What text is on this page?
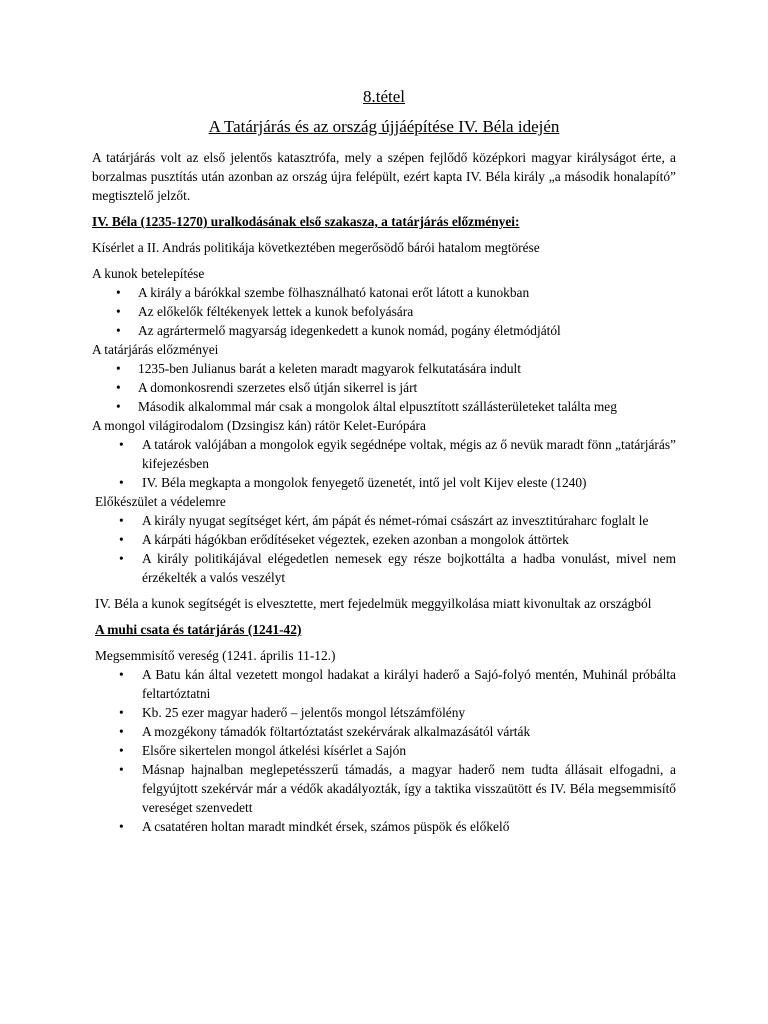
8.tétel
A Tatárjárás és az ország újjáépítése IV. Béla idején

A tatárjárás volt az első jelentős katasztrófa, mely a szépen fejlődő középkori magyar királyságot érte, a borzalmas pusztítás után azonban az ország újra felépült, ezért kapta IV. Béla király „a második honalapító” megtisztelő jelzőt.

IV. Béla (1235-1270) uralkodásának első szakasza, a tatárjárás előzményei:

Kísérlet a II. András politikája következtében megerősödő bárói hatalom megtörése

A kunok betelepítése

• A király a bárókkal szembe fölhasználható katonai erőt látott a kunokban
• Az előkelők féltékenyek lettek a kunok befolyására
• Az agrártermelő magyarság idegenkedett a kunok nomád, pogány életmódjától

A tatárjárás előzményei

• 1235-ben Julianus barát a keleten maradt magyarok felkutatására indult
• A domonkosrendi szerzetes első útján sikerrel is járt
• Második alkalommal már csak a mongolok által elpusztított szállásterületeket találta meg

A mongol világirodalom (Dzsingisz kán) rátör Kelet-Európára

• A tatárok valójában a mongolok egyik segédnépe voltak, mégis az ő nevük maradt fönn „tatárjárás” kifejezésben
• IV. Béla megkapta a mongolok fenyegető üzenetét, intő jel volt Kijev eleste (1240)

Előkészület a védelemre

• A király nyugat segítséget kért, ám pápát és német-római császárt az invesztitúraharc foglalt le
• A kárpáti hágókban erődítéseket végeztek, ezeken azonban a mongolok áttörtek
• A király politikájával elégedetlen nemesek egy része bojkottálta a hadba vonulást, mivel nem érzékelték a valós veszélyt

IV. Béla a kunok segítségét is elvesztette, mert fejedelmük meggyilkolása miatt kivonultak az országból

A muhi csata és tatárjárás (1241-42)

Megsemmisítő vereség (1241. április 11-12.)

• A Batu kán által vezetett mongol hadakat a királyi haderő a Sajó-folyó mentén, Muhinál próbálta feltartóztatni
• Kb. 25 ezer magyar haderő – jelentős mongol létszámfölény
• A mozgékony támadók föltartóztatást szekérvárak alkalmazásától várták
• Elsőre sikertelen mongol átkelési kísérlet a Sajón
• Másnap hajnalban meglepetésszerű támadás, a magyar haderő nem tudta állásait elfogadni, a felgyújtott szekérvár már a védők akadályozták, így a taktika visszaütött és IV. Béla megsemmisítő vereséget szenvedett
• A csatatéren holtan maradt mindkét érsek, számos püspök és előkelő
